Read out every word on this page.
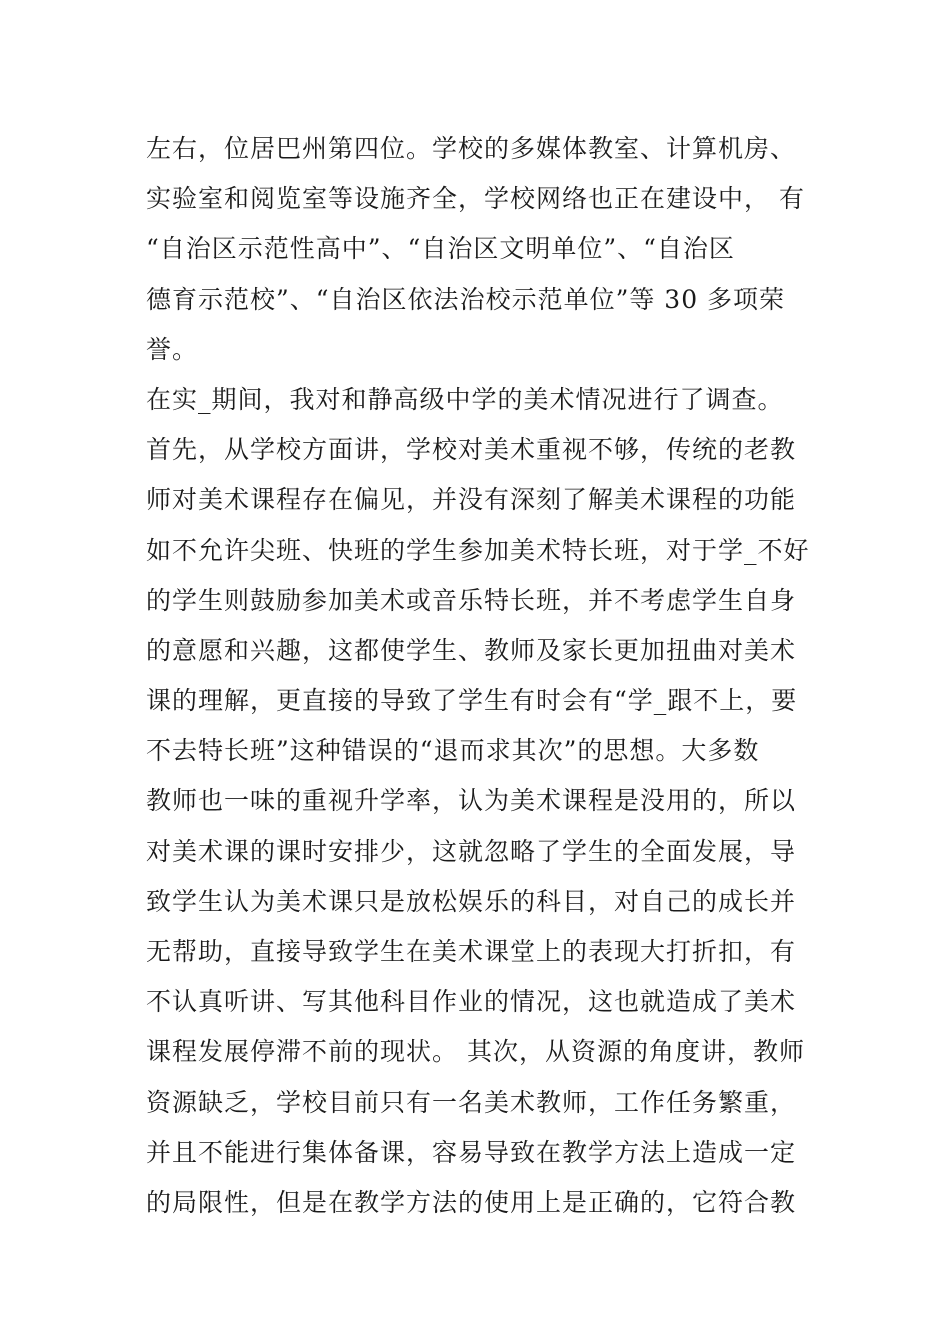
左右，位居巴州第四位。学校的多媒体教室、计算机房、
实验室和阅览室等设施齐全，学校网络也正在建设中， 有
“自治区示范性高中”、“自治区文明单位”、“自治区
德育示范校”、“自治区依法治校示范单位”等 30 多项荣
誉。
在实_期间，我对和静高级中学的美术情况进行了调查。
首先，从学校方面讲，学校对美术重视不够，传统的老教
师对美术课程存在偏见，并没有深刻了解美术课程的功能
如不允许尖班、快班的学生参加美术特长班，对于学_不好
的学生则鼓励参加美术或音乐特长班，并不考虑学生自身
的意愿和兴趣，这都使学生、教师及家长更加扭曲对美术
课的理解，更直接的导致了学生有时会有“学_跟不上，要
不去特长班”这种错误的“退而求其次”的思想。大多数
教师也一味的重视升学率，认为美术课程是没用的，所以
对美术课的课时安排少，这就忽略了学生的全面发展，导
致学生认为美术课只是放松娱乐的科目，对自己的成长并
无帮助，直接导致学生在美术课堂上的表现大打折扣，有
不认真听讲、写其他科目作业的情况，这也就造成了美术
课程发展停滞不前的现状。 其次，从资源的角度讲，教师
资源缺乏，学校目前只有一名美术教师，工作任务繁重，
并且不能进行集体备课，容易导致在教学方法上造成一定
的局限性，但是在教学方法的使用上是正确的，它符合教
